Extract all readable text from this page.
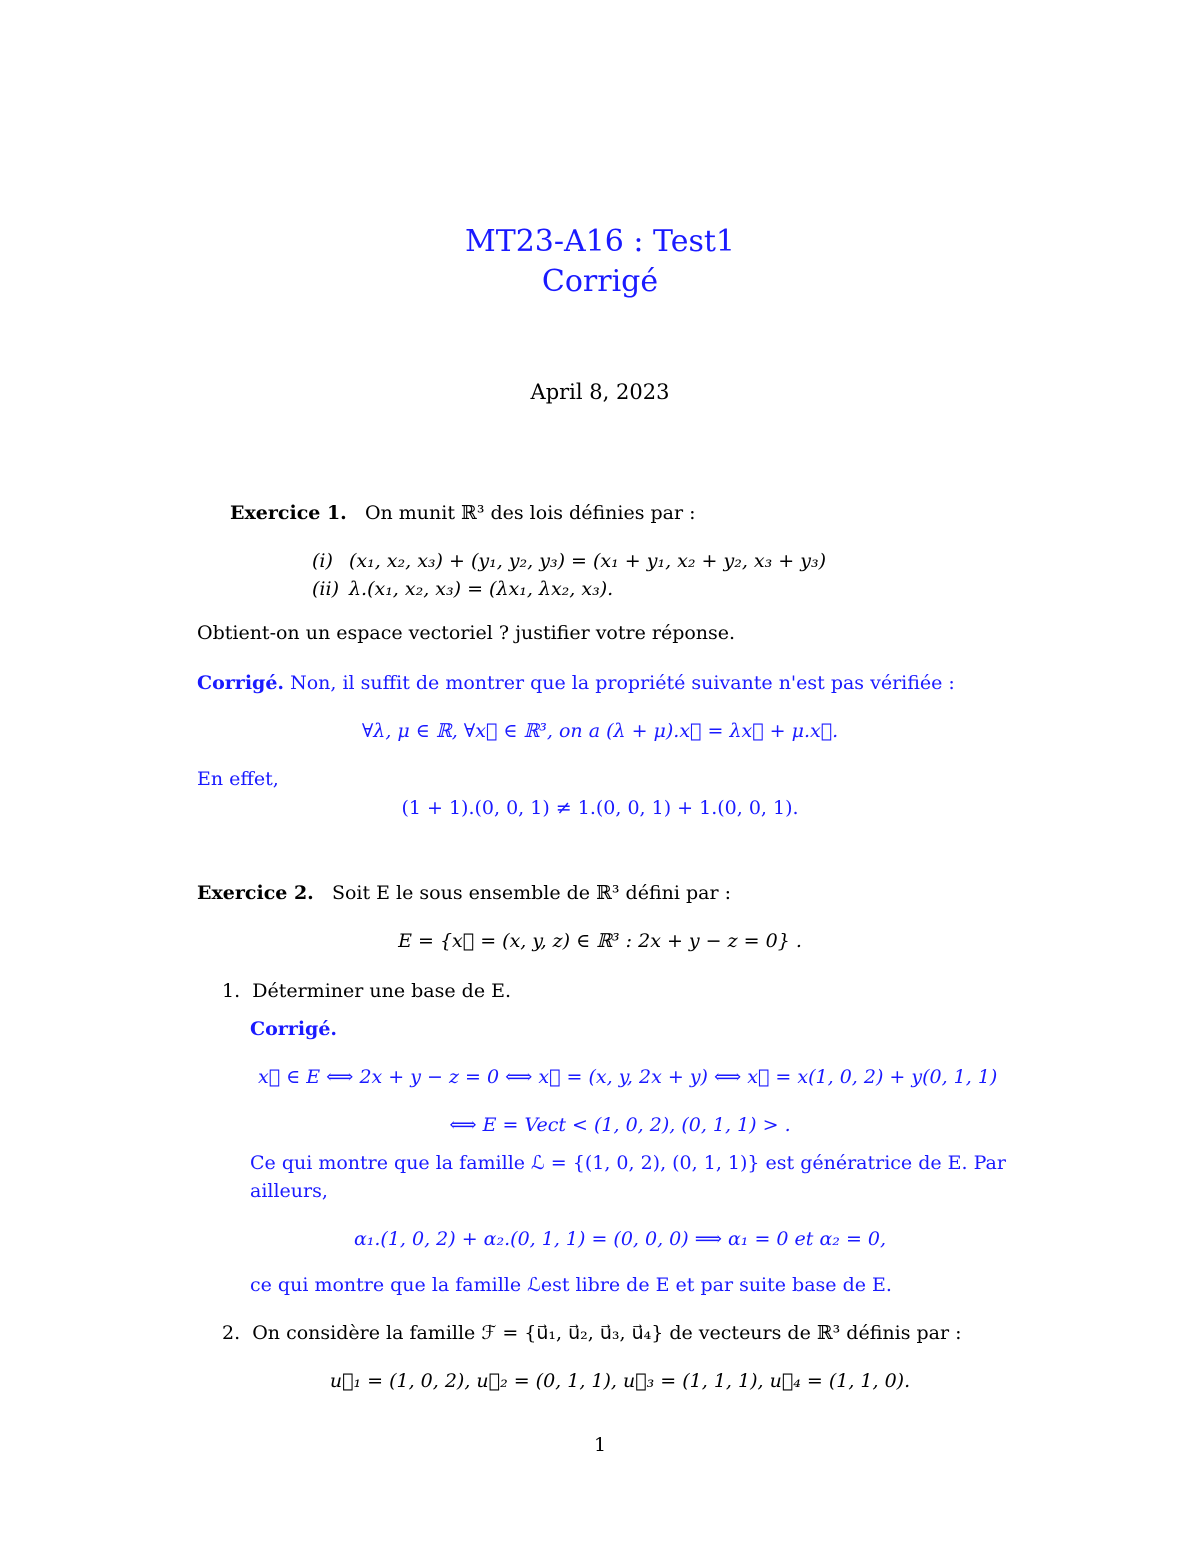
MT23-A16 : Test1
Corrigé
April 8, 2023
Exercice 1. On munit ℝ³ des lois définies par :
(i)	(x₁, x₂, x₃) + (y₁, y₂, y₃) = (x₁ + y₁, x₂ + y₂, x₃ + y₃)
(ii)	λ.(x₁, x₂, x₃) = (λx₁, λx₂, x₃).
Obtient-on un espace vectoriel ? justifier votre réponse.
Corrigé. Non, il suffit de montrer que la propriété suivante n'est pas vérifiée :
∀λ, μ ∈ ℝ, ∀x⃗ ∈ ℝ³, on a (λ + μ).x⃗ = λx⃗ + μ.x⃗.
En effet,
(1 + 1).(0, 0, 1) ≠ 1.(0, 0, 1) + 1.(0, 0, 1).
Exercice 2. Soit E le sous ensemble de ℝ³ défini par :
E = {x⃗ = (x, y, z) ∈ ℝ³ : 2x + y − z = 0} .
1. Déterminer une base de E.
Corrigé.
x⃗ ∈ E ⟺ 2x + y − z = 0 ⟺ x⃗ = (x, y, 2x + y) ⟺ x⃗ = x(1, 0, 2) + y(0, 1, 1)
⟺ E = Vect < (1, 0, 2), (0, 1, 1) > .
Ce qui montre que la famille ℒ = {(1, 0, 2), (0, 1, 1)} est génératrice de E. Par
ailleurs,
α₁.(1, 0, 2) + α₂.(0, 1, 1) = (0, 0, 0) ⟹ α₁ = 0 et α₂ = 0,
ce qui montre que la famille ℒest libre de E et par suite base de E.
2. On considère la famille ℱ = {u⃗₁, u⃗₂, u⃗₃, u⃗₄} de vecteurs de ℝ³ définis par :
u⃗₁ = (1, 0, 2), u⃗₂ = (0, 1, 1), u⃗₃ = (1, 1, 1), u⃗₄ = (1, 1, 0).
1
